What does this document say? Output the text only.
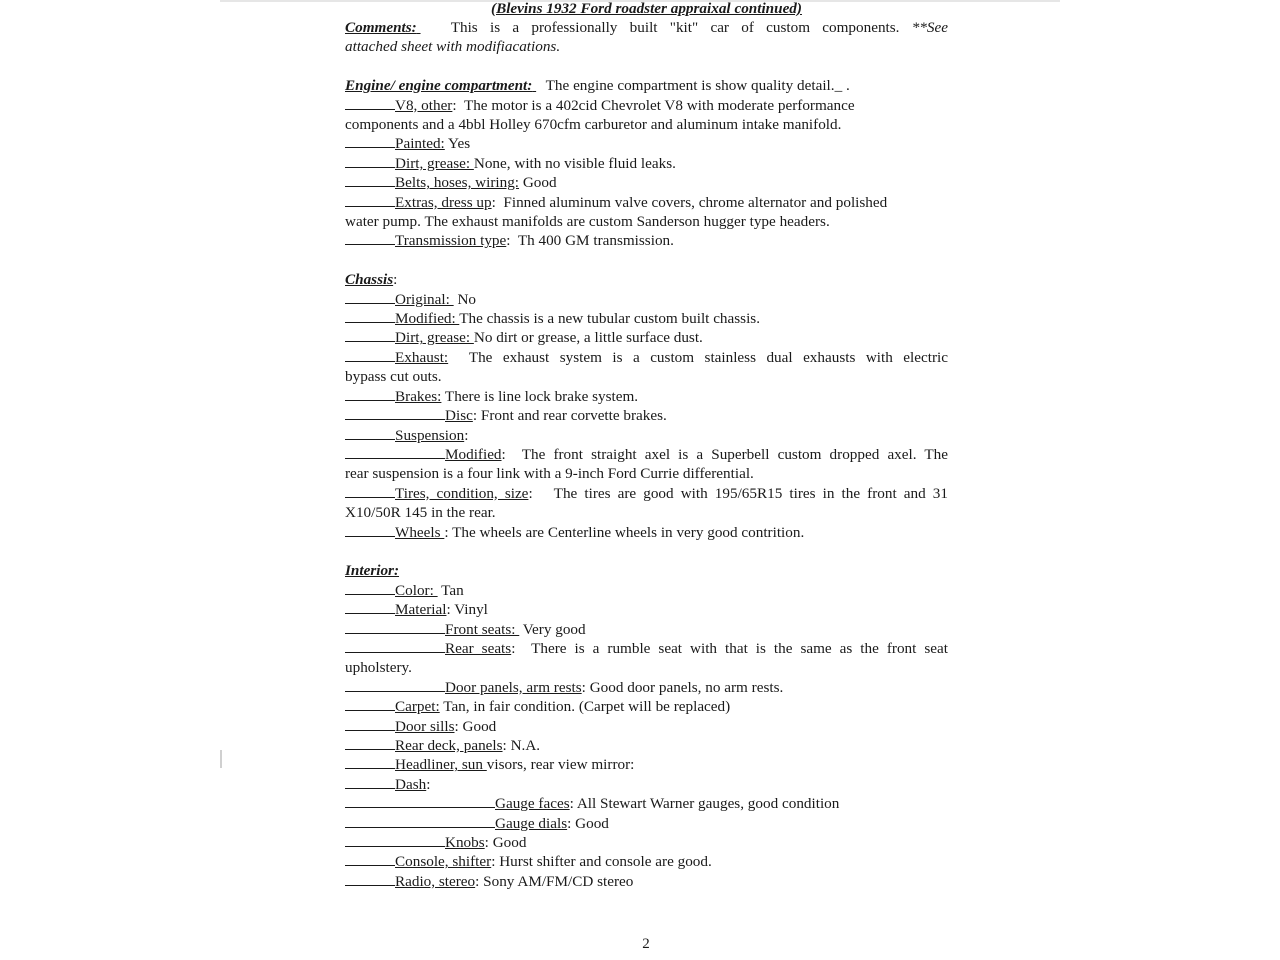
(Blevins 1932 Ford roadster appraixal continued)

Comments: This is a professionally built "kit" car of custom components. **See

attached sheet with modifiacations.

Engine/ engine compartment: The engine compartment is show quality detail._ .

V8, other: The motor is a 402cid Chevrolet V8 with moderate performance

components and a 4bbl Holley 670cfm carburetor and aluminum intake manifold.

Painted: Yes

Dirt, grease: None, with no visible fluid leaks.

Belts, hoses, wiring: Good

Extras, dress up: Finned aluminum valve covers, chrome alternator and polished

water pump. The exhaust manifolds are custom Sanderson hugger type headers.

Transmission type: Th 400 GM transmission.

Chassis:

Original:  No

Modified: The chassis is a new tubular custom built chassis.

Dirt, grease: No dirt or grease, a little surface dust.

Exhaust: The exhaust system is a custom stainless dual exhausts with electric

bypass cut outs.

Brakes: There is line lock brake system.

Disc: Front and rear corvette brakes.

Suspension:

Modified: The front straight axel is a Superbell custom dropped axel. The

rear suspension is a four link with a 9-inch Ford Currie differential.

Tires, condition, size: The tires are good with 195/65R15 tires in the front and 31

X10/50R 145 in the rear.

Wheels : The wheels are Centerline wheels in very good contrition.

Interior:

Color:  Tan

Material: Vinyl

Front seats:  Very good

Rear seats: There is a rumble seat with that is the same as the front seat

upholstery.

Door panels, arm rests: Good door panels, no arm rests.

Carpet: Tan, in fair condition. (Carpet will be replaced)

Door sills: Good

Rear deck, panels: N.A.

Headliner, sun visors, rear view mirror:

Dash:

Gauge faces: All Stewart Warner gauges, good condition

Gauge dials: Good

Knobs: Good

Console, shifter: Hurst shifter and console are good.

Radio, stereo: Sony AM/FM/CD stereo

2
